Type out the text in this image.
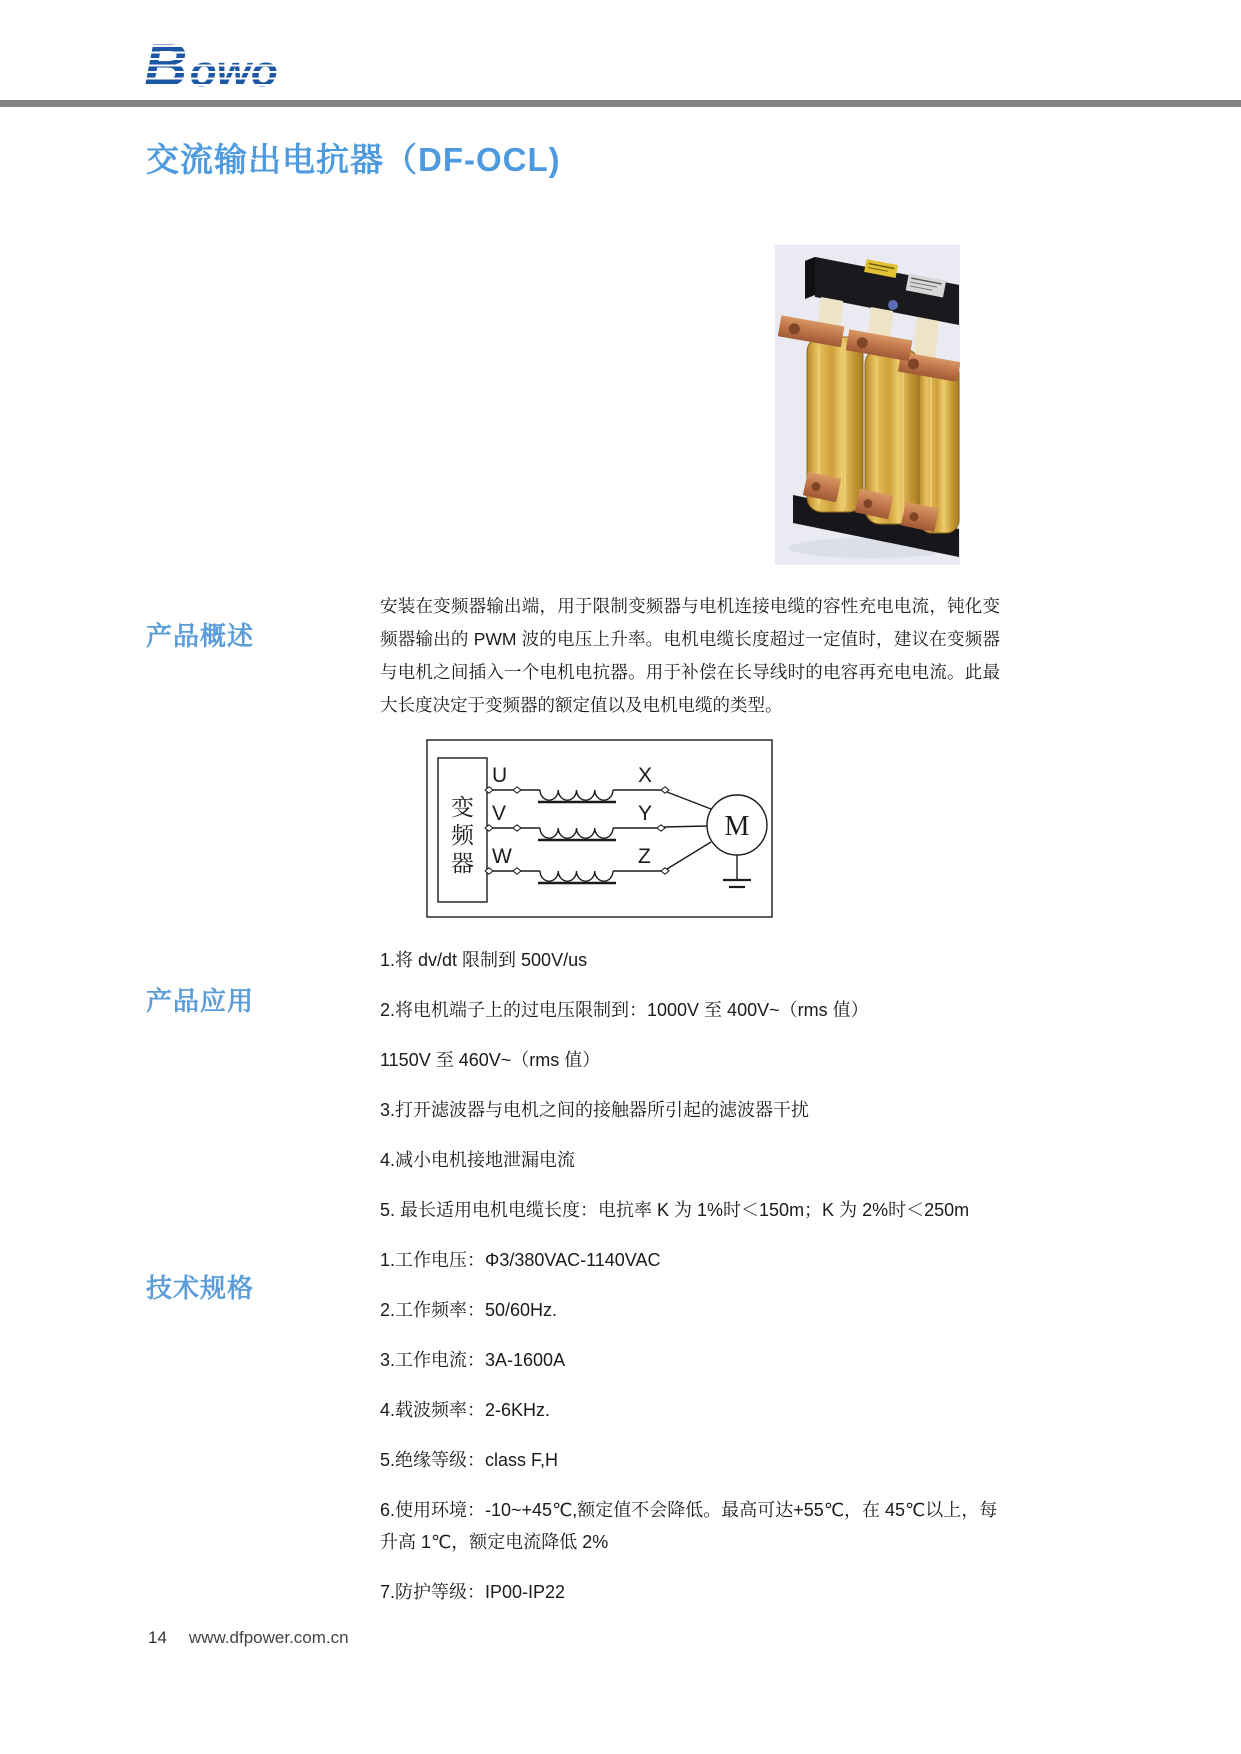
B owo
交流输出电抗器（DF-OCL)
产品概述
产品应用
技术规格
安装在变频器输出端，用于限制变频器与电机连接电缆的容性充电电流，钝化变频器输出的 PWM 波的电压上升率。电机电缆长度超过一定值时，建议在变频器与电机之间插入一个电机电抗器。用于补偿在长导线时的电容再充电电流。此最大长度决定于变频器的额定值以及电机电缆的类型。
变
频
器
U
V
W
X
Y
Z
M
1.将 dv/dt 限制到 500V/us
2.将电机端子上的过电压限制到：1000V 至 400V~（rms 值）
1150V 至 460V~（rms 值）
3.打开滤波器与电机之间的接触器所引起的滤波器干扰
4.减小电机接地泄漏电流
5. 最长适用电机电缆长度：电抗率 K 为 1%时＜150m；K 为 2%时＜250m
1.工作电压：Φ3/380VAC-1140VAC
2.工作频率：50/60Hz.
3.工作电流：3A-1600A
4.载波频率：2-6KHz.
5.绝缘等级：class F,H
6.使用环境：-10~+45℃,额定值不会降低。最高可达+55℃，在 45℃以上，每升高 1℃，额定电流降低 2%
7.防护等级：IP00-IP22
14 www.dfpower.com.cn
